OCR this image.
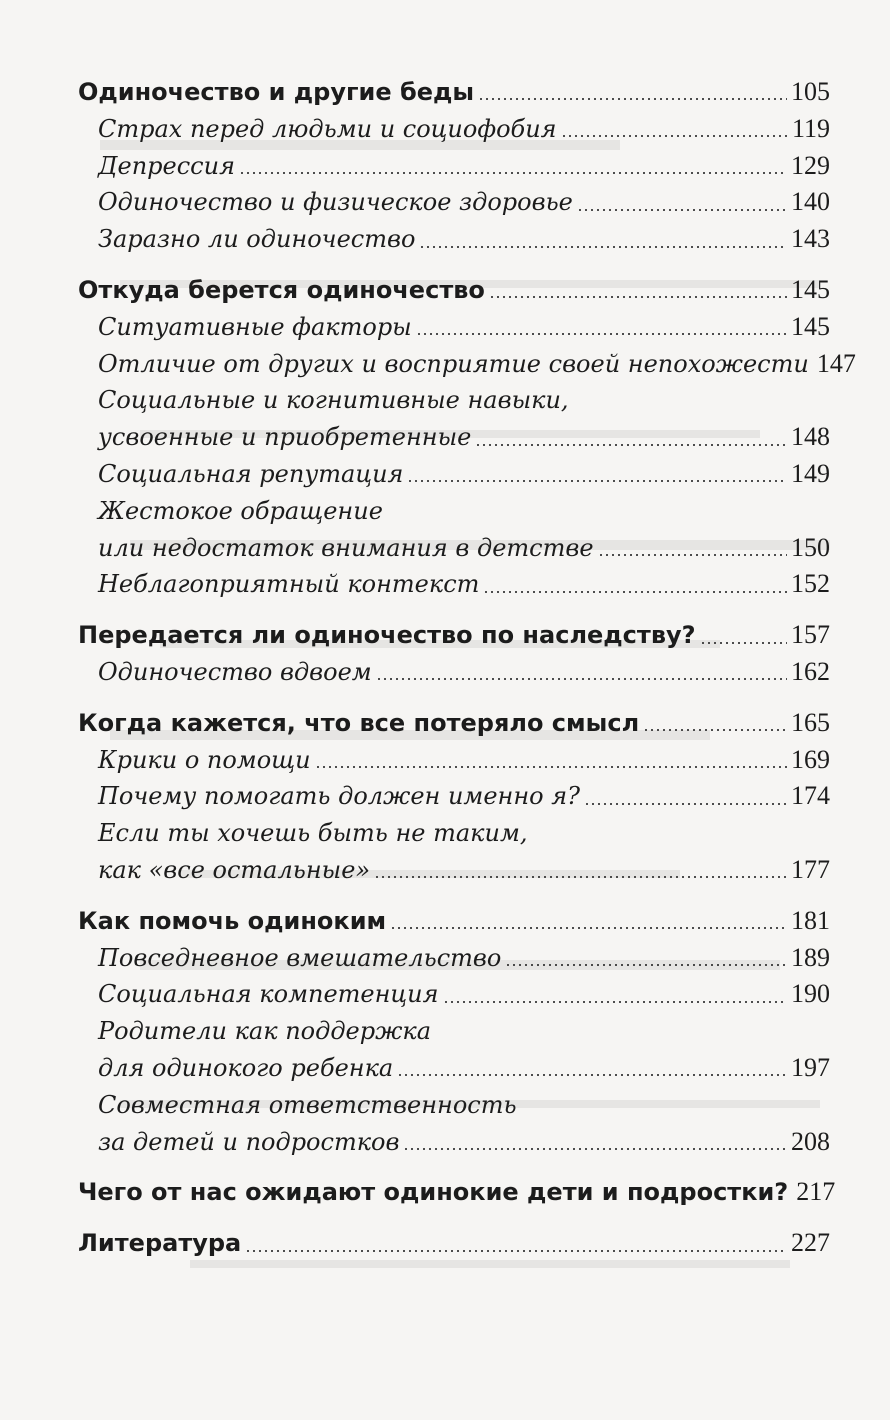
Одиночество и другие беды	105
Страх перед людьми и социофобия	119
Депрессия	129
Одиночество и физическое здоровье	140
Заразно ли одиночество	143
Откуда берется одиночество	145
Ситуативные факторы	145
Отличие от других и восприятие своей непохожести 147
Социальные и когнитивные навыки,
усвоенные и приобретенные	148
Социальная репутация	149
Жестокое обращение
или недостаток внимания в детстве	150
Неблагоприятный контекст	152
Передается ли одиночество по наследству?	157
Одиночество вдвоем	162
Когда кажется, что все потеряло смысл	165
Крики о помощи	169
Почему помогать должен именно я?	174
Если ты хочешь быть не таким,
как «все остальные»	177
Как помочь одиноким	181
Повседневное вмешательство	189
Социальная компетенция	190
Родители как поддержка
для одинокого ребенка	197
Совместная ответственность
за детей и подростков	208
Чего от нас ожидают одинокие дети и подростки? 217
Литература	227
